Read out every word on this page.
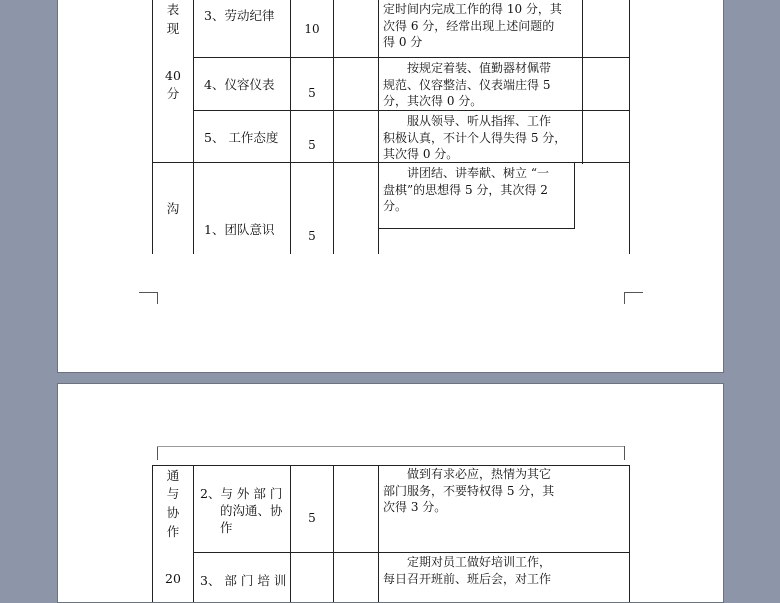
表
现
40
分
沟
3、劳动纪律
10
定时间内完成工作的得 10 分，其
次得 6 分，经常出现上述问题的
得 0 分
4、仪容仪表
5
按规定着装、值勤器材佩带
规范、仪容整洁、仪表端庄得 5
分，其次得 0 分。
5、 工作态度	5
服从领导、听从指挥、工作
积极认真，不计个人得失得 5 分，
其次得 0 分。
1、团队意识	5
讲团结、讲奉献、树立 “一
盘棋”的思想得 5 分，其次得 2
分。
通
与
协
作
20
2、与 外 部 门
的沟通、协
作
5
做到有求必应，热情为其它
部门服务，不要特权得 5 分，其
次得 3 分。
3、 部 门 培 训
定期对员工做好培训工作，
每日召开班前、班后会，对工作
